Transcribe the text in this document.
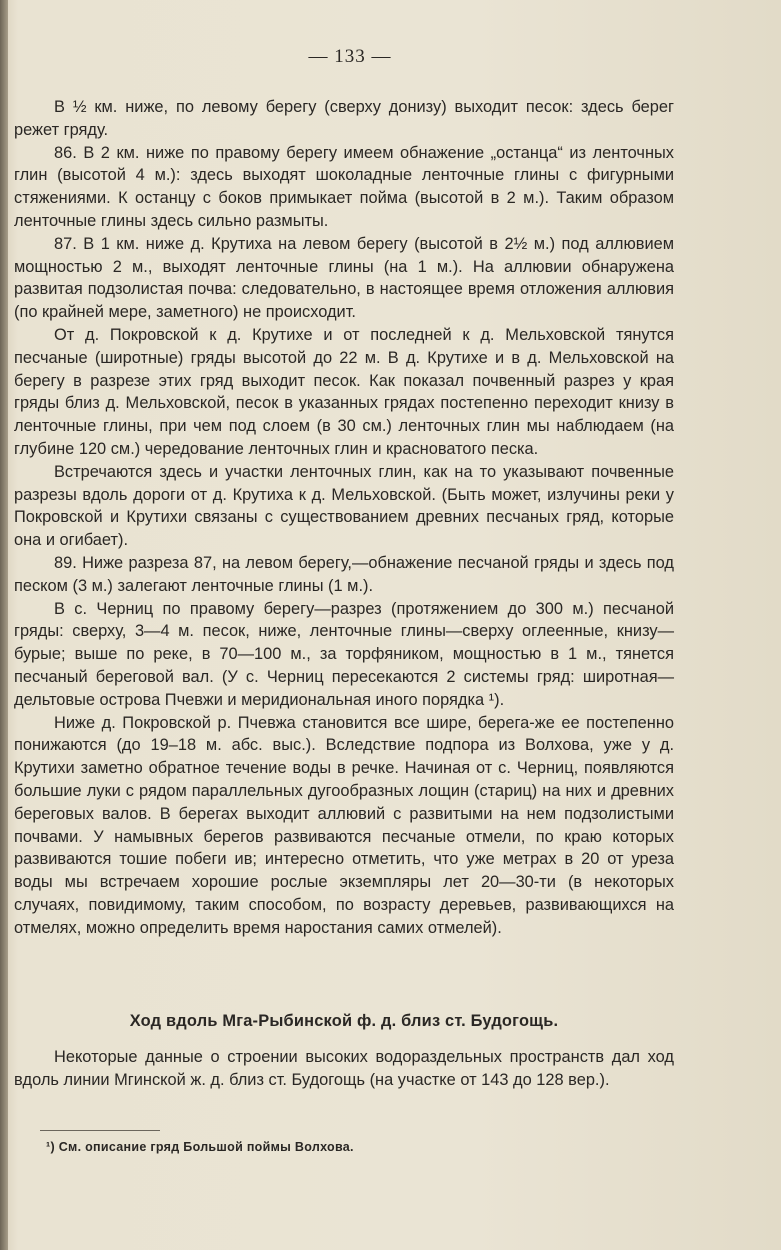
— 133 —

В ½ км. ниже, по левому берегу (сверху донизу) выходит песок: здесь берег режет гряду.

86. В 2 км. ниже по правому берегу имеем обнажение „останца“ из ленточных глин (высотой 4 м.): здесь выходят шоколадные ленточные глины с фигурными стяжениями. К останцу с боков примыкает пойма (высотой в 2 м.). Таким образом ленточные глины здесь сильно размыты.

87. В 1 км. ниже д. Крутиха на левом берегу (высотой в 2½ м.) под аллювием мощностью 2 м., выходят ленточные глины (на 1 м.). На аллювии обнаружена развитая подзолистая почва: следовательно, в настоящее время отложения аллювия (по крайней мере, заметного) не происходит.

От д. Покровской к д. Крутихе и от последней к д. Мельховской тянутся песчаные (широтные) гряды высотой до 22 м. В д. Крутихе и в д. Мельховской на берегу в разрезе этих гряд выходит песок. Как показал почвенный разрез у края гряды близ д. Мельховской, песок в указанных грядах постепенно переходит книзу в ленточные глины, при чем под слоем (в 30 см.) ленточных глин мы наблюдаем (на глубине 120 см.) чередование ленточных глин и красноватого песка.

Встречаются здесь и участки ленточных глин, как на то указывают почвенные разрезы вдоль дороги от д. Крутиха к д. Мельховской. (Быть может, излучины реки у Покровской и Крутихи связаны с существованием древних песчаных гряд, которые она и огибает).

89. Ниже разреза 87, на левом берегу,—обнажение песчаной гряды и здесь под песком (3 м.) залегают ленточные глины (1 м.).

В с. Черниц по правому берегу—разрез (протяжением до 300 м.) песчаной гряды: сверху, 3—4 м. песок, ниже, ленточные глины—сверху оглеенные, книзу—бурые; выше по реке, в 70—100 м., за торфяником, мощностью в 1 м., тянется песчаный береговой вал. (У с. Черниц пересекаются 2 системы гряд: широтная—дельтовые острова Пчевжи и меридиональная иного порядка ¹).

Ниже д. Покровской р. Пчевжа становится все шире, берега-же ее постепенно понижаются (до 19–18 м. абс. выс.). Вследствие подпора из Волхова, уже у д. Крутихи заметно обратное течение воды в речке. Начиная от с. Черниц, появляются большие луки с рядом параллельных дугообразных лощин (стариц) на них и древних береговых валов. В берегах выходит аллювий с развитыми на нем подзолистыми почвами. У намывных берегов развиваются песчаные отмели, по краю которых развиваются тошие побеги ив; интересно отметить, что уже метрах в 20 от уреза воды мы встречаем хорошие рослые экземпляры лет 20—30-ти (в некоторых случаях, повидимому, таким способом, по возрасту деревьев, развивающихся на отмелях, можно определить время наростания самих отмелей).

Ход вдоль Мга-Рыбинской ф. д. близ ст. Будогощь.

Некоторые данные о строении высоких водораздельных пространств дал ход вдоль линии Мгинской ж. д. близ ст. Будогощь (на участке от 143 до 128 вер.).

¹) См. описание гряд Большой поймы Волхова.
